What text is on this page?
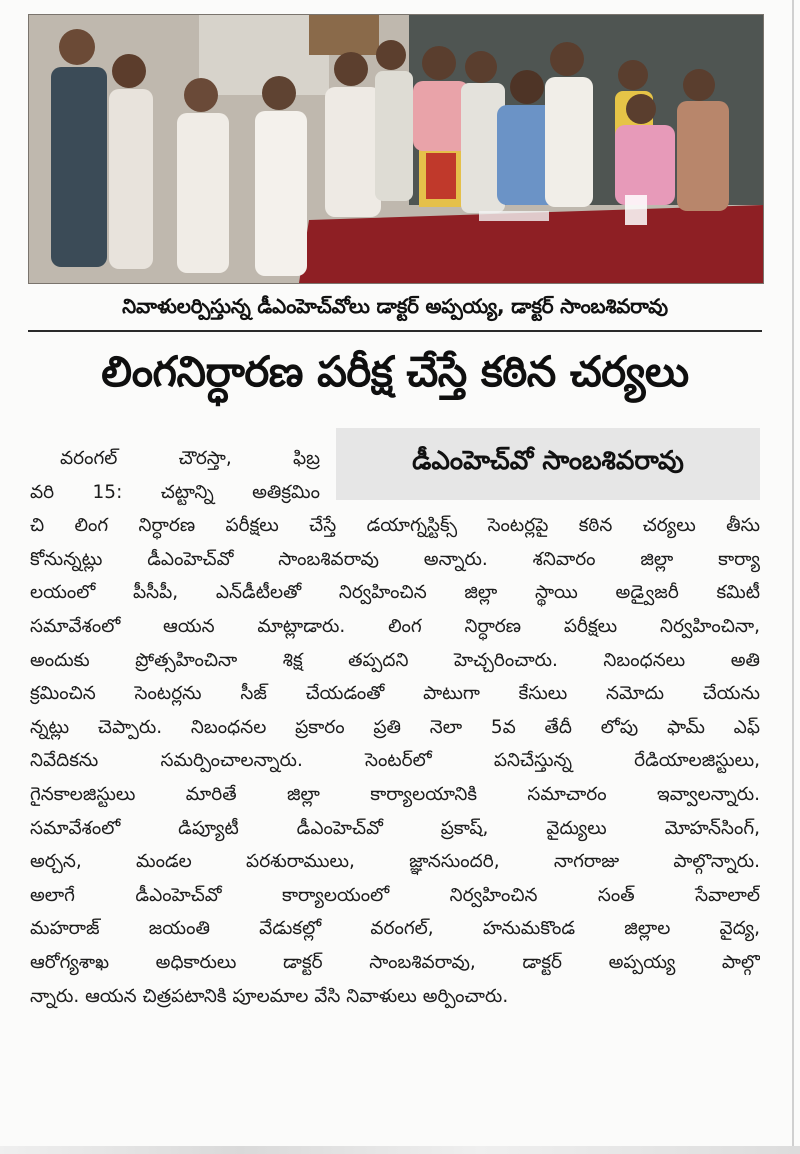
నివాళులర్పిస్తున్న డీఎంహెచ్‌వోలు డాక్టర్ అప్పయ్య, డాక్టర్ సాంబశివరావు
లింగనిర్ధారణ పరీక్ష చేస్తే కఠిన చర్యలు
డీఎంహెచ్‌వో సాంబశివరావు
వరంగల్ చౌరస్తా, ఫిబ్ర
వరి 15: చట్టాన్ని అతిక్రమిం
చి లింగ నిర్ధారణ పరీక్షలు చేస్తే డయాగ్నస్టిక్స్ సెంటర్లపై కఠిన చర్యలు తీసు
కోనున్నట్లు డీఎంహెచ్‌వో సాంబశివరావు అన్నారు. శనివారం జిల్లా కార్యా
లయంలో పీసీపీ, ఎన్‌డీటీలతో నిర్వహించిన జిల్లా స్థాయి అడ్వైజరీ కమిటీ
సమావేశంలో ఆయన మాట్లాడారు. లింగ నిర్ధారణ పరీక్షలు నిర్వహించినా,
అందుకు ప్రోత్సహించినా శిక్ష తప్పదని హెచ్చరించారు. నిబంధనలు అతి
క్రమించిన సెంటర్లను సీజ్ చేయడంతో పాటుగా కేసులు నమోదు చేయను
న్నట్లు చెప్పారు. నిబంధనల ప్రకారం ప్రతి నెలా 5వ తేదీ లోపు ఫామ్ ఎఫ్
నివేదికను సమర్పించాలన్నారు. సెంటర్‌లో పనిచేస్తున్న రేడియాలజిస్టులు,
గైనకాలజిస్టులు మారితే జిల్లా కార్యాలయానికి సమాచారం ఇవ్వాలన్నారు.
సమావేశంలో డిప్యూటీ డీఎంహెచ్‌వో ప్రకాష్, వైద్యులు మోహన్‌సింగ్,
అర్చన, మండల పరశురాములు, జ్ఞానసుందరి, నాగరాజు పాల్గొన్నారు.
అలాగే డీఎంహెచ్‌వో కార్యాలయంలో నిర్వహించిన సంత్ సేవాలాల్
మహరాజ్ జయంతి వేడుకల్లో వరంగల్, హనుమకొండ జిల్లాల వైద్య,
ఆరోగ్యశాఖ అధికారులు డాక్టర్ సాంబశివరావు, డాక్టర్ అప్పయ్య పాల్గొ
న్నారు. ఆయన చిత్రపటానికి పూలమాల వేసి నివాళులు అర్పించారు.
